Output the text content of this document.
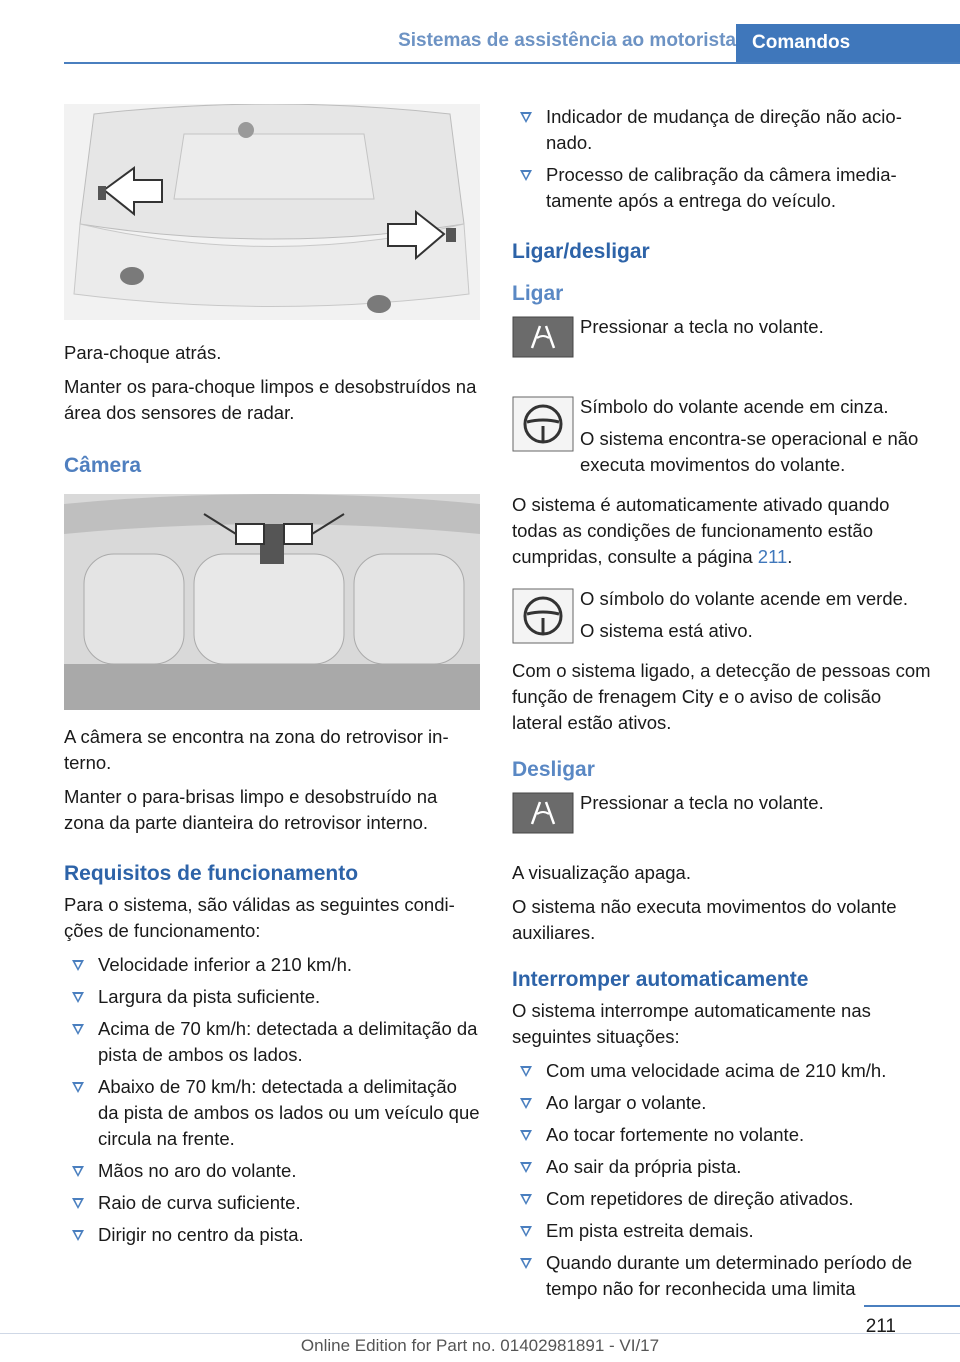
Sistemas de assistência ao motorista Comandos

Para-choque atrás.

Manter os para-choque limpos e desobstruídos na área dos sensores de radar.

Câmera

A câmera se encontra na zona do retrovisor interno.

Manter o para-brisas limpo e desobstruído na zona da parte dianteira do retrovisor interno.

Requisitos de funcionamento

Para o sistema, são válidas as seguintes condições de funcionamento:

Velocidade inferior a 210 km/h.
Largura da pista suficiente.
Acima de 70 km/h: detectada a delimitação da pista de ambos os lados.
Abaixo de 70 km/h: detectada a delimitação da pista de ambos os lados ou um veículo que circula na frente.
Mãos no aro do volante.
Raio de curva suficiente.
Dirigir no centro da pista.
Indicador de mudança de direção não acionado.
Processo de calibração da câmera imediatamente após a entrega do veículo.
Ligar/desligar
Ligar

Pressionar a tecla no volante.

Símbolo do volante acende em cinza.

O sistema encontra-se operacional e não executa movimentos do volante.

O sistema é automaticamente ativado quando todas as condições de funcionamento estão cumpridas, consulte a página 211.

O símbolo do volante acende em verde.

O sistema está ativo.

Com o sistema ligado, a detecção de pessoas com função de frenagem City e o aviso de colisão lateral estão ativos.

Desligar

Pressionar a tecla no volante.

A visualização apaga.

O sistema não executa movimentos do volante auxiliares.

Interromper automaticamente

O sistema interrompe automaticamente nas seguintes situações:

Com uma velocidade acima de 210 km/h.
Ao largar o volante.
Ao tocar fortemente no volante.
Ao sair da própria pista.
Com repetidores de direção ativados.
Em pista estreita demais.
Quando durante um determinado período de tempo não for reconhecida uma limita
211
Online Edition for Part no. 01402981891 - VI/17
